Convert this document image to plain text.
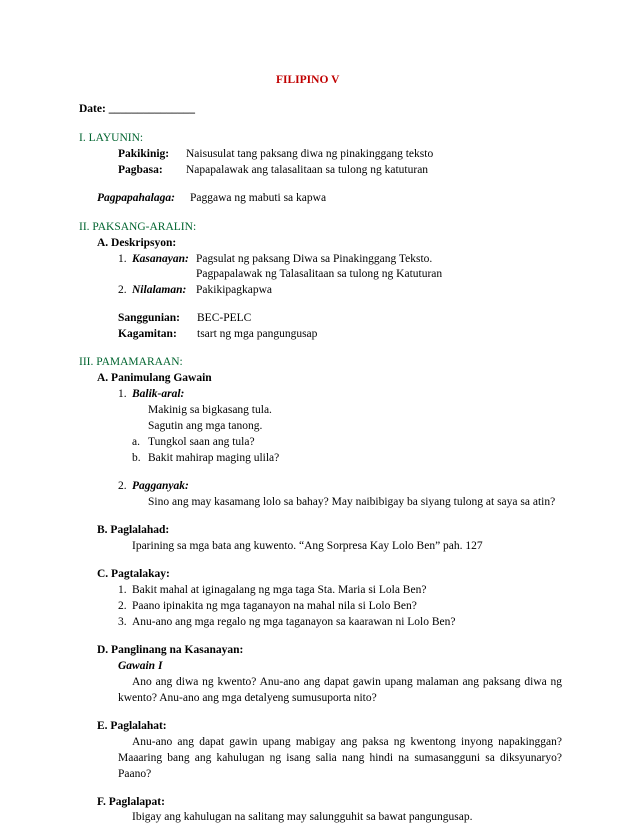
FILIPINO V
Date: _______________
I. LAYUNIN:
Pakikinig: Naisusulat tang paksang diwa ng pinakinggang teksto
Pagbasa: Napapalawak ang talasalitaan sa tulong ng katuturan
Pagpapahalaga: Paggawa ng mabuti sa kapwa
II. PAKSANG-ARALIN:
A. Deskripsyon:
1. Kasanayan: Pagsulat ng paksang Diwa sa Pinakinggang Teksto.
Pagpapalawak ng Talasalitaan sa tulong ng Katuturan
2. Nilalaman: Pakikipagkapwa
Sanggunian: BEC-PELC
Kagamitan: tsart ng mga pangungusap
III. PAMAMARAAN:
A. Panimulang Gawain
1. Balik-aral:
Makinig sa bigkasang tula.
Sagutin ang mga tanong.
a. Tungkol saan ang tula?
b. Bakit mahirap maging ulila?
2. Pagganyak:
Sino ang may kasamang lolo sa bahay? May naibibigay ba siyang tulong at saya sa atin?
B. Paglalahad:
Iparining sa mga bata ang kuwento. “Ang Sorpresa Kay Lolo Ben” pah. 127
C. Pagtalakay:
1. Bakit mahal at iginagalang ng mga taga Sta. Maria si Lola Ben?
2. Paano ipinakita ng mga taganayon na mahal nila si Lolo Ben?
3. Anu-ano ang mga regalo ng mga taganayon sa kaarawan ni Lolo Ben?
D. Panglinang na Kasanayan:
Gawain I
Ano ang diwa ng kwento? Anu-ano ang dapat gawin upang malaman ang paksang diwa ng
kwento? Anu-ano ang mga detalyeng sumusuporta nito?
E. Paglalahat:
Anu-ano ang dapat gawin upang mabigay ang paksa ng kwentong inyong napakinggan?
Maaaring bang ang kahulugan ng isang salia nang hindi na sumasangguni sa diksyunaryo?
Paano?
F. Paglalapat:
Ibigay ang kahulugan na salitang may salungguhit sa bawat pangungusap.
